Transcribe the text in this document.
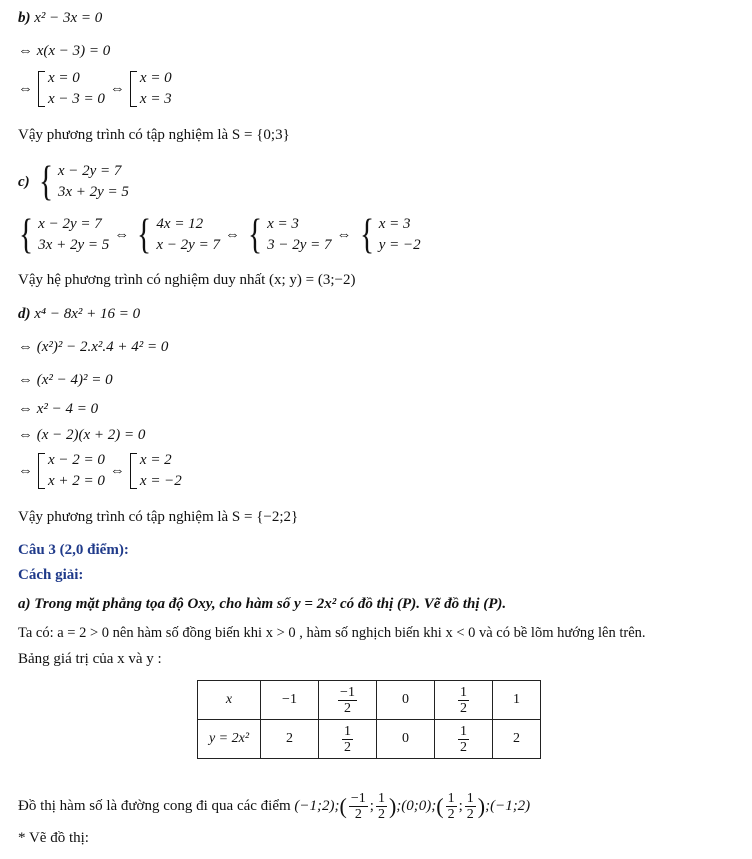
b) x² − 3x = 0
⇔ x(x − 3) = 0
⇔
x = 0
x − 3 = 0
⇔
x = 0
x = 3
Vậy phương trình có tập nghiệm là S = {0;3}
c) { x − 2y = 7
3x + 2y = 5
{ x − 2y = 7
3x + 2y = 5
⇔ { 4x = 12
x − 2y = 7
⇔ { x = 3
3 − 2y = 7
⇔ { x = 3
y = −2
Vậy hệ phương trình có nghiệm duy nhất (x; y) = (3;−2)
d) x⁴ − 8x² + 16 = 0
⇔ (x²)² − 2.x².4 + 4² = 0
⇔ (x² − 4)² = 0
⇔ x² − 4 = 0
⇔ (x − 2)(x + 2) = 0
⇔
x − 2 = 0
x + 2 = 0
⇔
x = 2
x = −2
Vậy phương trình có tập nghiệm là S = {−2;2}
Câu 3 (2,0 điểm):
Cách giải:
a) Trong mặt phẳng tọa độ Oxy, cho hàm số y = 2x² có đồ thị (P). Vẽ đồ thị (P).
Ta có: a = 2 > 0 nên hàm số đồng biến khi x > 0 , hàm số nghịch biến khi x < 0 và có bề lõm hướng lên trên.
Bảng giá trị của x và y :
x	−1	$\frac{-1}{2}$	0	$\frac{1}{2}$	1
y = 2x²	2	$\frac{1}{2}$	0	$\frac{1}{2}$	2
Đồ thị hàm số là đường cong đi qua các điểm (−1;2);( $\frac{-1}{2}$ ; $\frac{1}{2}$ );(0;0);( $\frac{1}{2}$ ; $\frac{1}{2}$ );(−1;2)
* Vẽ đồ thị:
